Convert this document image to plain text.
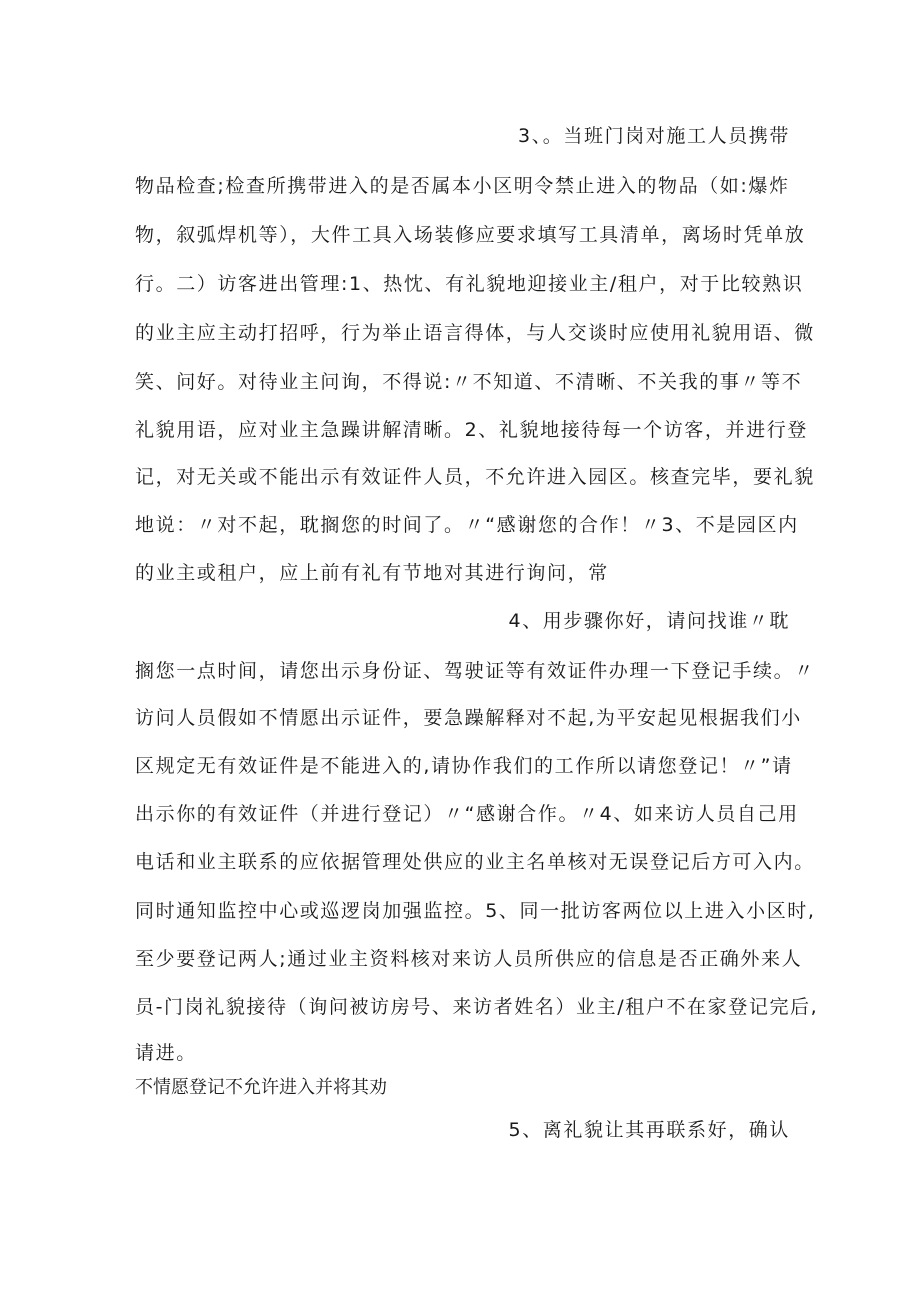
3、。当班门岗对施工人员携带
物品检查;检查所携带进入的是否属本小区明令禁止进入的物品（如:爆炸
物，叙弧焊机等），大件工具入场装修应要求填写工具清单，离场时凭单放
行。二）访客进出管理:1、热忱、有礼貌地迎接业主/租户，对于比较熟识
的业主应主动打招呼，行为举止语言得体，与人交谈时应使用礼貌用语、微
笑、问好。对待业主问询，不得说:〃不知道、不清晰、不关我的事〃等不
礼貌用语，应对业主急躁讲解清晰。2、礼貌地接待每一个访客，并进行登
记，对无关或不能出示有效证件人员，不允许进入园区。核查完毕，要礼貌
地说：〃对不起，耽搁您的时间了。〃“感谢您的合作！〃3、不是园区内
的业主或租户，应上前有礼有节地对其进行询问，常
4、用步骤你好，请问找谁〃耽
搁您一点时间，请您出示身份证、驾驶证等有效证件办理一下登记手续。〃
访问人员假如不情愿出示证件，要急躁解释对不起,为平安起见根据我们小
区规定无有效证件是不能进入的,请协作我们的工作所以请您登记！〃”请
出示你的有效证件（并进行登记）〃“感谢合作。〃4、如来访人员自己用
电话和业主联系的应依据管理处供应的业主名单核对无误登记后方可入内。
同时通知监控中心或巡逻岗加强监控。5、同一批访客两位以上进入小区时,
至少要登记两人;通过业主资料核对来访人员所供应的信息是否正确外来人
员-门岗礼貌接待（询问被访房号、来访者姓名）业主/租户不在家登记完后,
请进。
不情愿登记不允许进入并将其劝
5、离礼貌让其再联系好，确认
